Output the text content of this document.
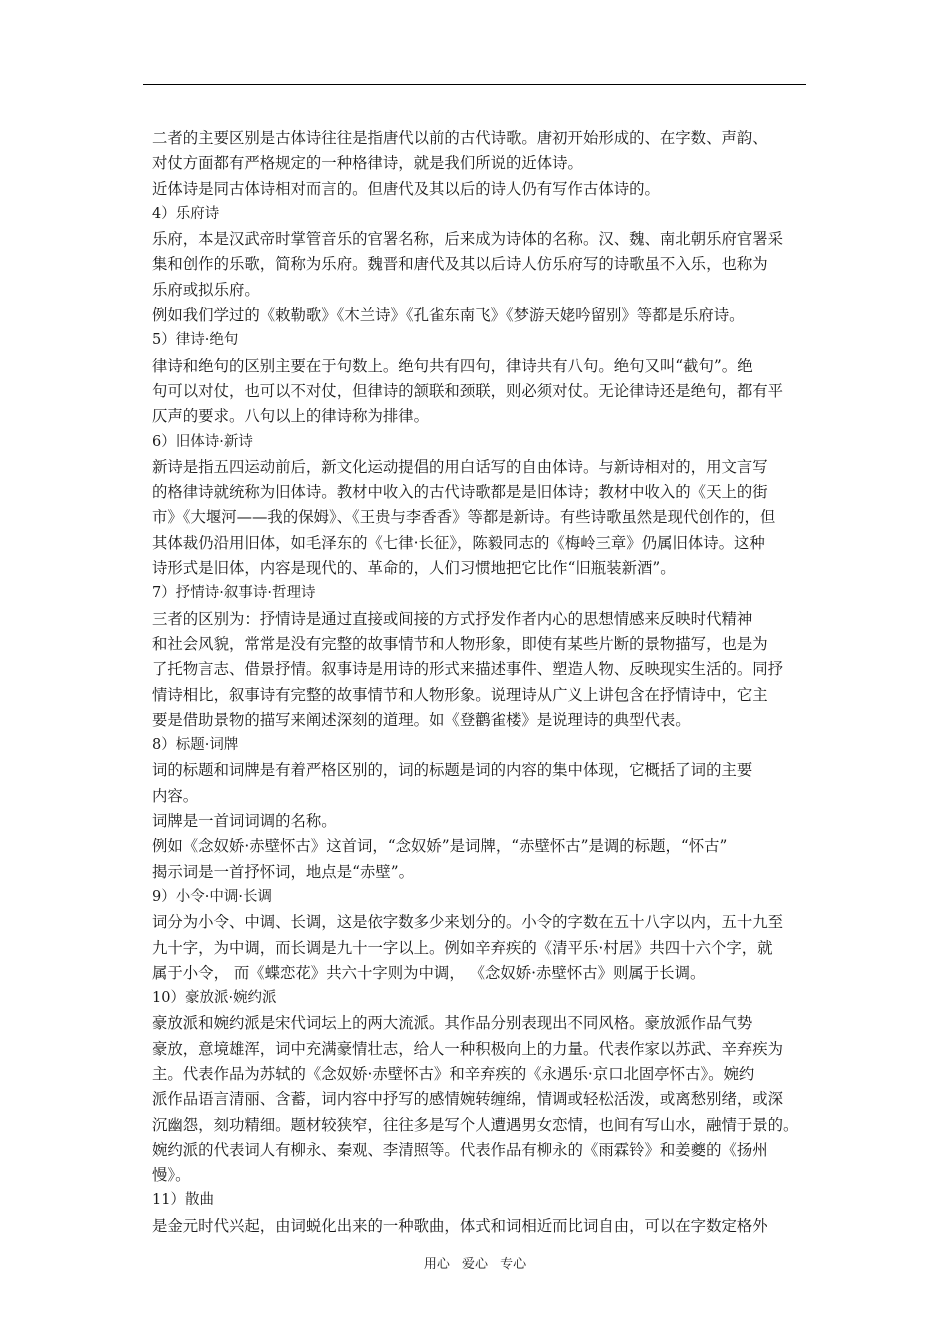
二者的主要区别是古体诗往往是指唐代以前的古代诗歌。唐初开始形成的、在字数、声韵、
对仗方面都有严格规定的一种格律诗，就是我们所说的近体诗。
近体诗是同古体诗相对而言的。但唐代及其以后的诗人仍有写作古体诗的。
4）乐府诗
乐府，本是汉武帝时掌管音乐的官署名称，后来成为诗体的名称。汉、魏、南北朝乐府官署采
集和创作的乐歌，简称为乐府。魏晋和唐代及其以后诗人仿乐府写的诗歌虽不入乐，也称为
乐府或拟乐府。
例如我们学过的《敕勒歌》《木兰诗》《孔雀东南飞》《梦游天姥吟留别》等都是乐府诗。
5）律诗·绝句
律诗和绝句的区别主要在于句数上。绝句共有四句，律诗共有八句。绝句又叫“截句”。绝
句可以对仗，也可以不对仗，但律诗的颔联和颈联，则必须对仗。无论律诗还是绝句，都有平
仄声的要求。八句以上的律诗称为排律。
6）旧体诗·新诗
新诗是指五四运动前后，新文化运动提倡的用白话写的自由体诗。与新诗相对的，用文言写
的格律诗就统称为旧体诗。教材中收入的古代诗歌都是是旧体诗；教材中收入的《天上的街
市》《大堰河——我的保姆》、《王贵与李香香》等都是新诗。有些诗歌虽然是现代创作的，但
其体裁仍沿用旧体，如毛泽东的《七律·长征》，陈毅同志的《梅岭三章》仍属旧体诗。这种
诗形式是旧体，内容是现代的、革命的，人们习惯地把它比作“旧瓶装新酒”。
7）抒情诗·叙事诗·哲理诗
三者的区别为：抒情诗是通过直接或间接的方式抒发作者内心的思想情感来反映时代精神
和社会风貌，常常是没有完整的故事情节和人物形象，即使有某些片断的景物描写，也是为
了托物言志、借景抒情。叙事诗是用诗的形式来描述事件、塑造人物、反映现实生活的。同抒
情诗相比，叙事诗有完整的故事情节和人物形象。说理诗从广义上讲包含在抒情诗中，它主
要是借助景物的描写来阐述深刻的道理。如《登鹳雀楼》是说理诗的典型代表。
8）标题·词牌
词的标题和词牌是有着严格区别的，词的标题是词的内容的集中体现，它概括了词的主要
内容。
词牌是一首词词调的名称。
例如《念奴娇·赤壁怀古》这首词，“念奴娇”是词牌，“赤壁怀古”是调的标题，“怀古”
揭示词是一首抒怀词，地点是“赤壁”。
9）小令·中调·长调
词分为小令、中调、长调，这是依字数多少来划分的。小令的字数在五十八字以内，五十九至
九十字，为中调，而长调是九十一字以上。例如辛弃疾的《清平乐·村居》共四十六个字，就
属于小令， 而《蝶恋花》共六十字则为中调， 《念奴娇·赤壁怀古》则属于长调。
10）豪放派·婉约派
豪放派和婉约派是宋代词坛上的两大流派。其作品分别表现出不同风格。豪放派作品气势
豪放，意境雄浑，词中充满豪情壮志，给人一种积极向上的力量。代表作家以苏武、辛弃疾为
主。代表作品为苏轼的《念奴娇·赤壁怀古》和辛弃疾的《永遇乐·京口北固亭怀古》。婉约
派作品语言清丽、含蓄，词内容中抒写的感情婉转缠绵，情调或轻松活泼，或离愁别绪，或深
沉幽怨，刻功精细。题材较狭窄，往往多是写个人遭遇男女恋情，也间有写山水，融情于景的。
婉约派的代表词人有柳永、秦观、李清照等。代表作品有柳永的《雨霖铃》和姜夔的《扬州
慢》。
11）散曲
是金元时代兴起，由词蜕化出来的一种歌曲，体式和词相近而比词自由，可以在字数定格外
用心 爱心 专心
